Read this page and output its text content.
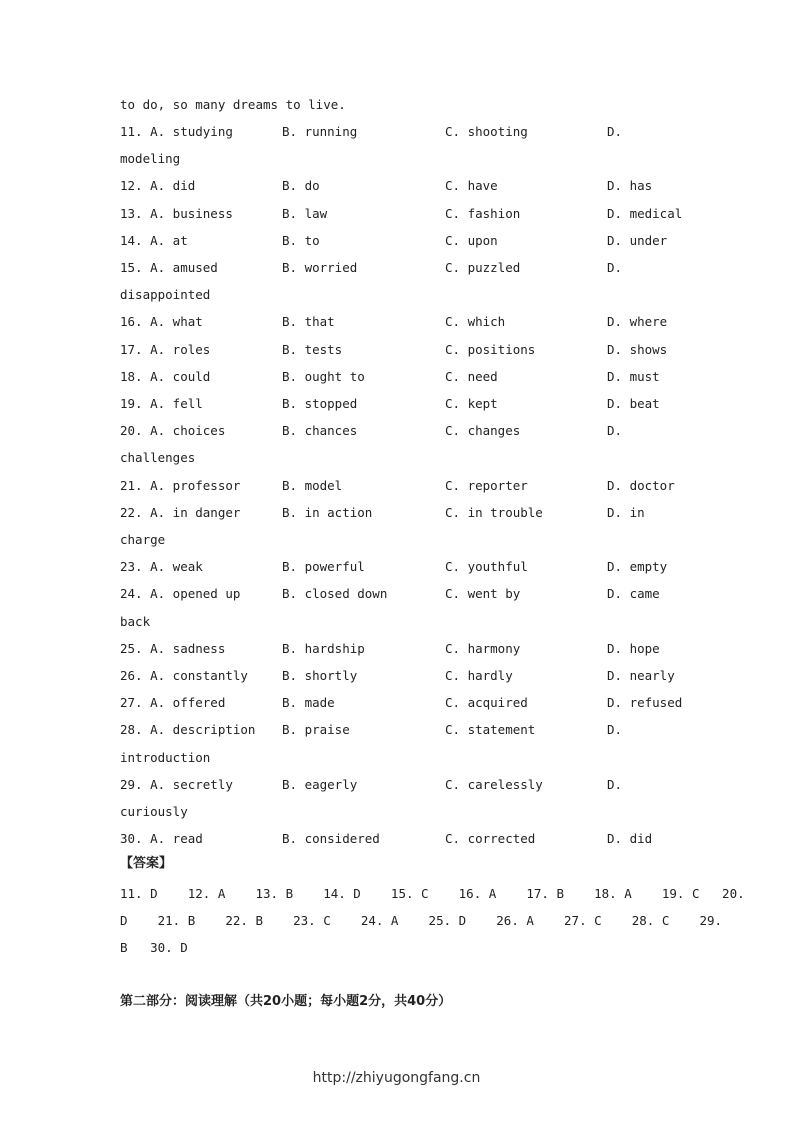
to do, so many dreams to live.
11. A. studying	B. running	C. shooting	D.
modeling
12. A. did	B. do	C. have	D. has
13. A. business	B. law	C. fashion	D. medical
14. A. at	B. to	C. upon	D. under
15. A. amused	B. worried	C. puzzled	D.
disappointed
16. A. what	B. that	C. which	D. where
17. A. roles	B. tests	C. positions	D. shows
18. A. could	B. ought to	C. need	D. must
19. A. fell	B. stopped	C. kept	D. beat
20. A. choices	B. chances	C. changes	D.
challenges
21. A. professor	B. model	C. reporter	D. doctor
22. A. in danger	B. in action	C. in trouble	D. in
charge
23. A. weak	B. powerful	C. youthful	D. empty
24. A. opened up	B. closed down	C. went by	D. came
back
25. A. sadness	B. hardship	C. harmony	D. hope
26. A. constantly	B. shortly	C. hardly	D. nearly
27. A. offered	B. made	C. acquired	D. refused
28. A. description B. praise	C. statement	D.
introduction
29. A. secretly	B. eagerly	C. carelessly	D.
curiously
30. A. read	B. considered	C. corrected	D. did
【答案】
11. D    12. A    13. B    14. D    15. C    16. A    17. B    18. A    19. C   20.
D    21. B    22. B    23. C    24. A    25. D    26. A    27. C    28. C    29.
B   30. D
第二部分：阅读理解（共20小题；每小题2分，共40分）
http://zhiyugongfang.cn
